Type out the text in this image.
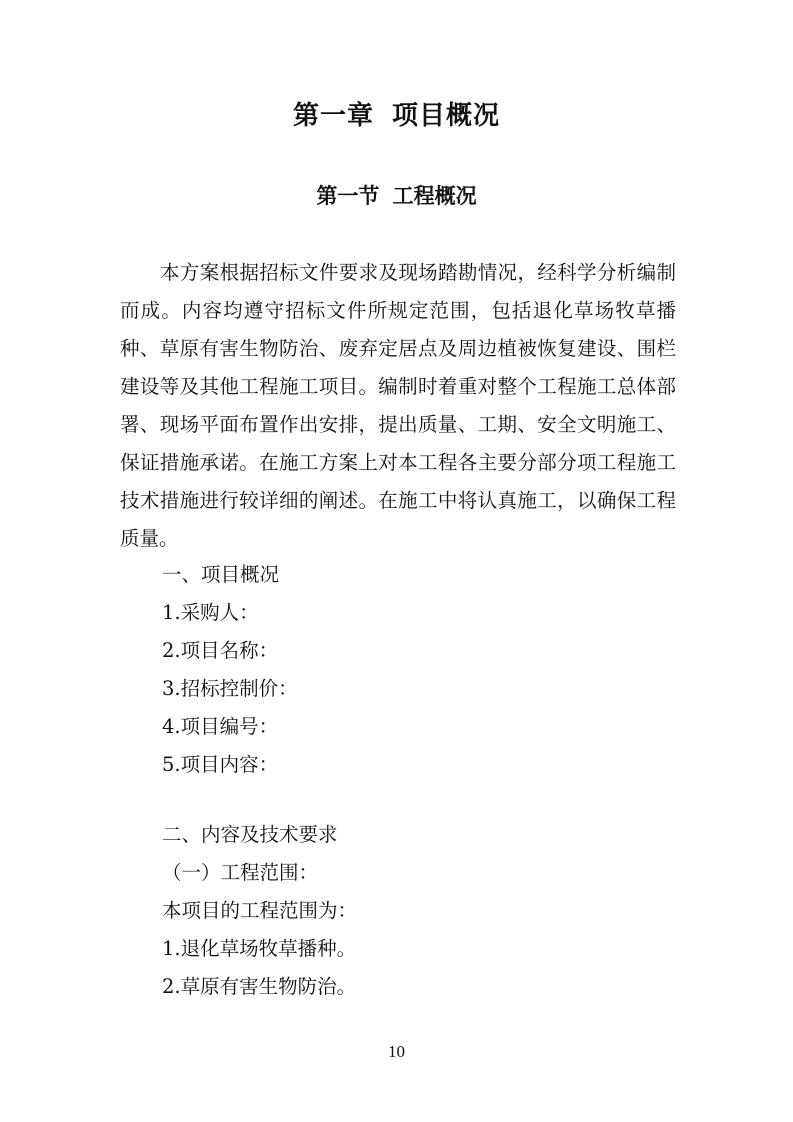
第一章 项目概况
第一节 工程概况

本方案根据招标文件要求及现场踏勘情况，经科学分析编制而成。内容均遵守招标文件所规定范围，包括退化草场牧草播种、草原有害生物防治、废弃定居点及周边植被恢复建设、围栏建设等及其他工程施工项目。编制时着重对整个工程施工总体部署、现场平面布置作出安排，提出质量、工期、安全文明施工、保证措施承诺。在施工方案上对本工程各主要分部分项工程施工技术措施进行较详细的阐述。在施工中将认真施工，以确保工程质量。

一、项目概况
1.采购人：
2.项目名称：
3.招标控制价：
4.项目编号：
5.项目内容：
二、内容及技术要求
（一）工程范围：
本项目的工程范围为：
1.退化草场牧草播种。
2.草原有害生物防治。
10
